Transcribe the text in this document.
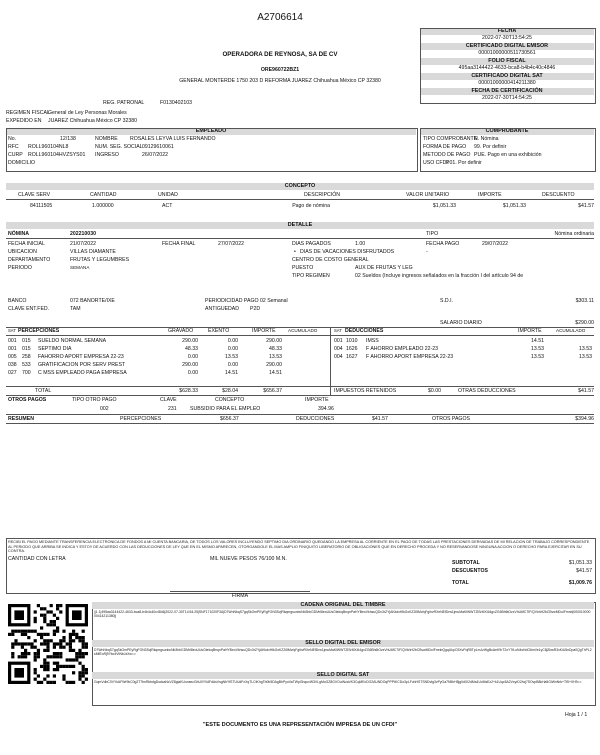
A2706614
OPERADORA DE REYNOSA, SA DE CV
ORE960722BZ1
GENERAL MONTERDE 1750 203 D REFORMA JUAREZ Chihuahua México CP 32380
REG. PATRONAL	F0130402103
REGIMEN FISCAL
General de Ley Personas Morales
EXPEDIDO EN JUAREZ Chihuahua México CP 32380
FECHA
2022-07-30T13:54:25
CERTIFICADO DIGITAL EMISOR
00001000000511730561
FOLIO FISCAL
495aa3144422-4633-bca8-b4b4c40c4846
CERTIFICADO DIGITAL SAT
00001000000414211380
FECHA DE CERTIFICACIÓN
2022-07-30T14:54:25
EMPLEADO	COMPROBANTE
No.	12/138	NOMBRE ROSALES LEYVA LUIS FERNANDO
RFC ROLL960104NL8	NUM. SEG. SOCIAL 09129610061
CURP ROLL960104HVZSYS01 INGRESO	26/07/2022
DOMICILIO
TIPO COMPROBANTE
N. Nómina
FORMA DE PAGO 99. Por definir
METODO DE PAGO PUE. Pago en una exhibición
USO CFDI:
P01. Por definir
CONCEPTO
CLAVE SERV	CANTIDAD	UNIDAD	DESCRIPCIÓN	VALOR UNITARIO	IMPORTE	DESCUENTO
84111505	1.000000	ACT	Pago de nómina	$1,051.33	$1,051.33	$41.57
DETALLE
NÓMINA	202210030	TIPO	Nómina ordinaria
FECHA INICIAL	21/07/2022	FECHA FINAL	27/07/2022	DIAS PAGADOS	1.00	FECHA PAGO	29/07/2022
UBICACION	VILLAS DIAMANTE	• DIAS DE VACACIONES DISFRUTADOS	-
DEPARTAMENTO	FRUTAS Y LEGUMBRES	CENTRO DE COSTO GENERAL
PERIODO	SEMANA	PUESTO	AUX DE FRUTAS Y LEG
TIPO REGIMEN	02 Sueldos (Incluye ingresos señalados en la fracción I del artículo 94 de
BANCO	072 BANORTE/IXE	PERIODICIDAD PAGO 02 Semanal	S.D.I.	$303.11
CLAVE ENT.FED.	TAM	ANTIGUEDAD P2D
SALARIO DIARIO	$290.00
SAT PERCEPCIONES	GRAVADO	EXENTO	IMPORTE	ACUMULADO	SAT DEDUCCIONES	IMPORTE	ACUMULADO
001	015	SUELDO NORMAL SEMANA	290.00	0.00	290.00
001	015	SEPTIMO DIA	48.33	0.00	48.33
005	258	FAHORRO APORT EMPRESA 22-23	0.00	13.53	13.53
038	533	GRATIFICACION POR SERV PREST	290.00	0.00	290.00
027	700	C MSS EMPLEADO PAGA EMPRESA	0.00	14.51	14.51
001 1010	IMSS	14.51
004 1626	F AHORRO EMPLEADO 22-23	13.53	13.53
004 1627	F AHORRO APORT EMPRESA 22-23	13.53	13.53
TOTAL	$628.33	$28.04	$656.37	IMPUESTOS RETENIDOS	$0.00	OTRAS DEDUCCIONES	$41.57
OTROS PAGOS	TIPO OTRO PAGO	CLAVE	CONCEPTO	IMPORTE
002	231	SUBSIDIO PARA EL EMPLEO	394.96
RESUMEN	PERCEPCIONES	$656.37	DEDUCCIONES	$41.57	OTROS PAGOS	$394.96
RECIBI EL PAGO MEDIANTE TRANSFERENCIA ELECTRONICA DE FONDOS A MI CUENTA BANCARIA, DE TODOS LOS VALORES INCLUYENDO SEPTIMO DIA ORDINARIO QUEDANDO LA EMPRESA AL CORRIENTE EN EL PAGO DE TODAS LAS PRESTACIONES DERIVADAS DE MI RELACION DE TRABAJO CORRESPONDIENTE AL PERIODO QUE ARRIBA SE INDICA Y ESTOY DE ACUERDO CON LAS DEDUCCIONES DE LEY QUE EN EL MISMO APARECEN, OTORGANDOLE EL MAS AMPLIO FINIQUITO LIBERATORIO DE OBLIGACIONES QUE EN DERECHO PROCEDA Y NO RESERVANDOSE NINGUNA ACCION O DERECHO PARA EJERCITAR EN SU CONTRA.
CANTIDAD CON LETRA	MIL NUEVE PESOS 76/100 M.N.
SUBTOTAL	$1,051.33
DESCUENTOS	$41.57
TOTAL	$1,009.76
FIRMA
CADENA ORIGINAL DEL TIMBRE
||1.1|495aa3144422-4633-bca8-b4b4c40c4846|2022-07-30T14:54:25|SNF171020F3A|D7WnNbqS7gqSkOmPEyRgFON3SvjRkqmgsunbcNb3hbGDMrl8eoUUsGtelcqBnqnPaHYBeoVkhsuQDv3rZYjAKkdxHlkGxKZ2i5Mv/qFgihvRXeNEfDrw1jmuMaKlWWTZlSrMX4i4gxZG6Bh6tOzxVhU6fC7IF/QVkhH2bCBvwMDoIFmnb|00001000000414211380||
SELLO DIGITAL DEL EMISOR
D7WnNbqS7gqSkOmPEyRgFON3SvjRkqmgsunbcNb3hbGDMrl8eoUUsGtelcqBnqnPaHYBeoVkhsuQDv3rZYjAKkdxHlkGxKZ2i5Mv/qFgihvRXeNEfDrw1jmuMaKlWWTZlSrMX4i4gxZG6Bh6tOzxVhU6fC7IF/QVkhH2bCBvwMDoIFmnbQgqUkpO3XvPqR5TpLmJzWgBcAeK9rT2oY7fLuN4sHdG6mVe1yC8jZbwR3xKiU5nDpa0QgThPL2sMfEoRj9Ykc4VtNbJzXw==
SELLO DIGITAL SAT
GqmVdbC0VYkAFWr9kC0g2T7fmRkbdgDsdcaNcVZ8pjaKUonsecGbU0Y0dFdAsVsgNbYfSTUUdFxXqTLCtKhgTb0b5DAgBhPyuVaTWpGhquxW3VLgMoGZ8GVOuINzaVK3CqMEcDO2AUNDOqPPPtKCDo3pLFuhHSTSNDvfg3vPyGa7N5hH5jg0dXI2dMa1UvMsEz2+k1Uqc5A2VxyrD2/wj7SOvpB8kHa5GiWnNrk+Tf5+XH9==
Hoja 1 / 1
"ESTE DOCUMENTO ES UNA REPRESENTACIÓN IMPRESA DE UN CFDI"
